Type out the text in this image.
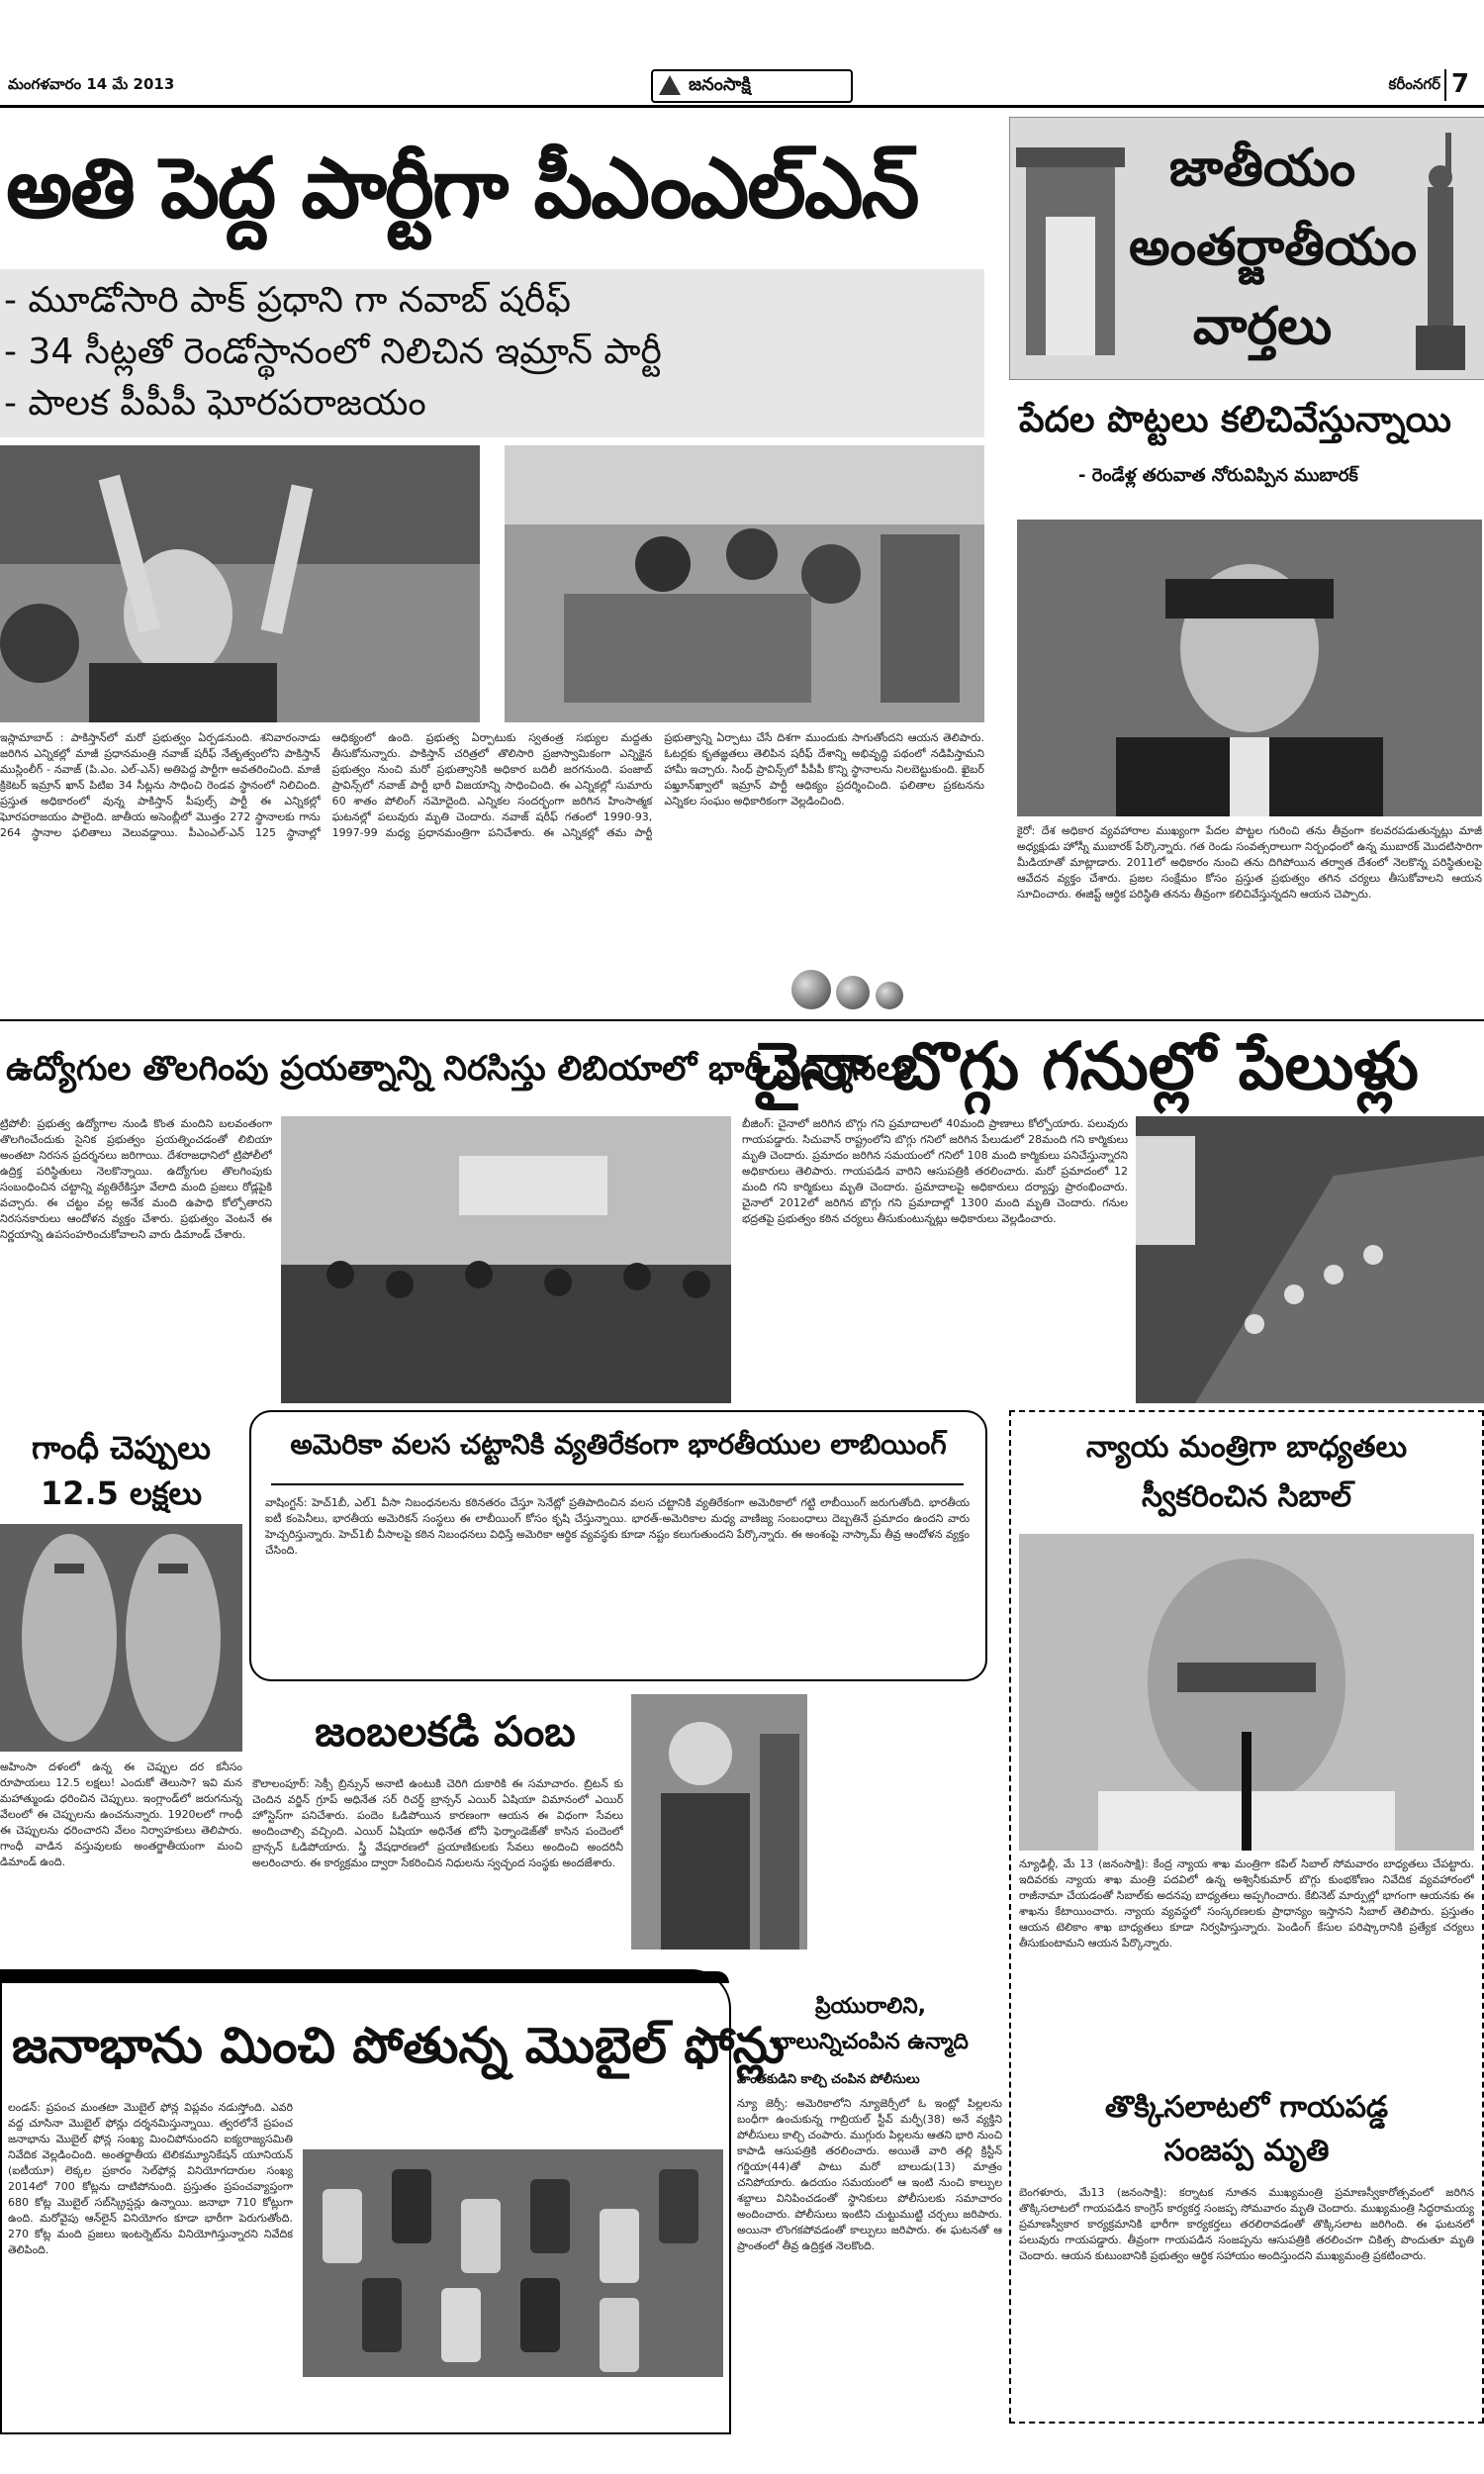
మంగళవారం 14 మే 2013	జనంసాక్షి	కరీంనగర్ 7
అతి పెద్ద పార్టీగా పీఎంఎల్ఎన్
- మూడోసారి పాక్ ప్రధాని గా నవాబ్ షరీఫ్
- 34 సీట్లతో రెండోస్థానంలో నిలిచిన ఇమ్రాన్ పార్టీ
- పాలక పీపీపీ ఘోరపరాజయం
ఇస్లామాబాద్ : పాకిస్తాన్‌లో మరో ప్రభుత్వం ఏర్పడనుంది. శనివారంనాడు జరిగిన ఎన్నికల్లో మాజీ ప్రధానమంత్రి నవాజ్ షరీఫ్ నేతృత్వంలోని పాకిస్తాన్ ముస్లింలీగ్ - నవాజ్ (పి.ఎం. ఎల్-ఎన్) అతిపెద్ద పార్టీగా అవతరించింది. మాజీ క్రికెటర్ ఇమ్రాన్ ఖాన్ పిటిఐ 34 సీట్లను సాధించి రెండవ స్థానంలో నిలిచింది. ప్రస్తుత అధికారంలో వున్న పాకిస్తాన్ పీపుల్స్ పార్టీ ఈ ఎన్నికల్లో ఘోరపరాజయం పాలైంది. జాతీయ అసెంబ్లీలో మొత్తం 272 స్థానాలకు గాను 264 స్థానాల ఫలితాలు వెలువడ్డాయి. పీఎంఎల్-ఎన్ 125 స్థానాల్లో ఆధిక్యంలో ఉంది. ప్రభుత్వ ఏర్పాటుకు స్వతంత్ర సభ్యుల మద్దతు తీసుకోనున్నారు. పాకిస్తాన్ చరిత్రలో తొలిసారి ప్రజాస్వామికంగా ఎన్నికైన ప్రభుత్వం నుంచి మరో ప్రభుత్వానికి అధికార బదిలీ జరగనుంది. పంజాబ్ ప్రావిన్స్‌లో నవాజ్ పార్టీ భారీ విజయాన్ని సాధించింది. ఈ ఎన్నికల్లో సుమారు 60 శాతం పోలింగ్ నమోదైంది. ఎన్నికల సందర్భంగా జరిగిన హింసాత్మక ఘటనల్లో పలువురు మృతి చెందారు. నవాజ్ షరీఫ్ గతంలో 1990-93, 1997-99 మధ్య ప్రధానమంత్రిగా పనిచేశారు. ఈ ఎన్నికల్లో తమ పార్టీ ప్రభుత్వాన్ని ఏర్పాటు చేసే దిశగా ముందుకు సాగుతోందని ఆయన తెలిపారు. ఓటర్లకు కృతజ్ఞతలు తెలిపిన షరీఫ్ దేశాన్ని అభివృద్ధి పథంలో నడిపిస్తామని హామీ ఇచ్చారు. సింధ్ ప్రావిన్స్‌లో పీపీపీ కొన్ని స్థానాలను నిలబెట్టుకుంది. ఖైబర్ పఖ్తూన్‌ఖ్వాలో ఇమ్రాన్ పార్టీ ఆధిక్యం ప్రదర్శించింది. ఫలితాల ప్రకటనను ఎన్నికల సంఘం అధికారికంగా వెల్లడించింది.
జాతీయం
అంతర్జాతీయం
వార్తలు
పేదల పొట్టలు కలిచివేస్తున్నాయి
- రెండేళ్ల తరువాత నోరువిప్పిన ముబారక్
కైరో: దేశ అధికార వ్యవహారాల ముఖ్యంగా పేదల పొట్టల గురించి తను తీవ్రంగా కలవరపడుతున్నట్లు మాజీ అధ్యక్షుడు హోస్నీ ముబారక్ పేర్కొన్నారు. గత రెండు సంవత్సరాలుగా నిర్బంధంలో ఉన్న ముబారక్ మొదటిసారిగా మీడియాతో మాట్లాడారు. 2011లో అధికారం నుంచి తను దిగిపోయిన తర్వాత దేశంలో నెలకొన్న పరిస్థితులపై ఆవేదన వ్యక్తం చేశారు. ప్రజల సంక్షేమం కోసం ప్రస్తుత ప్రభుత్వం తగిన చర్యలు తీసుకోవాలని ఆయన సూచించారు. ఈజిప్ట్ ఆర్థిక పరిస్థితి తనను తీవ్రంగా కలిచివేస్తున్నదని ఆయన చెప్పారు.
ఉద్యోగుల తొలగింపు ప్రయత్నాన్ని నిరసిస్తు లిబియాలో భారీ ప్రదర్శనలు
ట్రిపోలీ: ప్రభుత్వ ఉద్యోగాల నుండి కొంత మందిని బలవంతంగా తొలగించేందుకు సైనిక ప్రభుత్వం ప్రయత్నించడంతో లిబియా అంతటా నిరసన ప్రదర్శనలు జరిగాయి. దేశరాజధానిలో ట్రిపోలీలో ఉద్రిక్త పరిస్థితులు నెలకొన్నాయి. ఉద్యోగుల తొలగింపుకు సంబంధించిన చట్టాన్ని వ్యతిరేకిస్తూ వేలాది మంది ప్రజలు రోడ్లపైకి వచ్చారు. ఈ చట్టం వల్ల అనేక మంది ఉపాధి కోల్పోతారని నిరసనకారులు ఆందోళన వ్యక్తం చేశారు. ప్రభుత్వం వెంటనే ఈ నిర్ణయాన్ని ఉపసంహరించుకోవాలని వారు డిమాండ్ చేశారు.
చైనా బొగ్గు గనుల్లో పేలుళ్లు
బీజింగ్: చైనాలో జరిగిన బొగ్గు గని ప్రమాదాలలో 40మంది ప్రాణాలు కోల్పోయారు. పలువురు గాయపడ్డారు. సిచువాన్ రాష్ట్రంలోని బొగ్గు గనిలో జరిగిన పేలుడులో 28మంది గని కార్మికులు మృతి చెందారు. ప్రమాదం జరిగిన సమయంలో గనిలో 108 మంది కార్మికులు పనిచేస్తున్నారని అధికారులు తెలిపారు. గాయపడిన వారిని ఆసుపత్రికి తరలించారు. మరో ప్రమాదంలో 12 మంది గని కార్మికులు మృతి చెందారు. ప్రమాదాలపై అధికారులు దర్యాప్తు ప్రారంభించారు. చైనాలో 2012లో జరిగిన బొగ్గు గని ప్రమాదాల్లో 1300 మంది మృతి చెందారు. గనుల భద్రతపై ప్రభుత్వం కఠిన చర్యలు తీసుకుంటున్నట్లు అధికారులు వెల్లడించారు.
గాంధీ చెప్పులు
12.5 లక్షలు
అహింసా దళంలో ఉన్న ఈ చెప్పుల దర కనీసం రూపాయలు 12.5 లక్షలు! ఎందుకో తెలుసా? ఇవి మన మహాత్ముండు ధరించిన చెప్పులు. ఇంగ్లాండ్‌లో జరుగనున్న వేలంలో ఈ చెప్పులను ఉంచనున్నారు. 1920లలో గాంధీ ఈ చెప్పులను ధరించారని వేలం నిర్వాహకులు తెలిపారు. గాంధీ వాడిన వస్తువులకు అంతర్జాతీయంగా మంచి డిమాండ్ ఉంది.
అమెరికా వలస చట్టానికి వ్యతిరేకంగా భారతీయుల లాబియింగ్
వాషింగ్టన్: హెచ్1బీ, ఎల్1 వీసా నిబంధనలను కఠినతరం చేస్తూ సెనేట్లో ప్రతిపాదించిన వలస చట్టానికి వ్యతిరేకంగా అమెరికాలో గట్టి లాబీయింగ్ జరుగుతోంది. భారతీయ ఐటీ కంపెనీలు, భారతీయ అమెరికన్ సంస్థలు ఈ లాబీయింగ్ కోసం కృషి చేస్తున్నాయి. భారత్-అమెరికాల మధ్య వాణిజ్య సంబంధాలు దెబ్బతినే ప్రమాదం ఉందని వారు హెచ్చరిస్తున్నారు. హెచ్1బీ వీసాలపై కఠిన నిబంధనలు విధిస్తే అమెరికా ఆర్థిక వ్యవస్థకు కూడా నష్టం కలుగుతుందని పేర్కొన్నారు. ఈ అంశంపై నాస్కామ్ తీవ్ర ఆందోళన వ్యక్తం చేసింది.
జంబలకడి పంబ
కౌలాలంపూర్: సెక్సీ బ్రిన్సున్ అనాటి ఉంటుకి చెరిగి దుకారికి ఈ సమాచారం. బ్రిటన్ కు చెందిన వర్జిన్ గ్రూప్ అధినేత సర్ రిచర్డ్ బ్రాన్సన్ ఎయిర్ ఏషియా విమానంలో ఎయిర్ హోస్టెస్‌గా పనిచేశారు. పందెం ఓడిపోయిన కారణంగా ఆయన ఈ విధంగా సేవలు అందించాల్సి వచ్చింది. ఎయిర్ ఏషియా అధినేత టోనీ ఫెర్నాండెజ్‌తో కాసిన పందెంలో బ్రాన్సన్ ఓడిపోయారు. స్త్రీ వేషధారణలో ప్రయాణికులకు సేవలు అందించి అందరినీ అలరించారు. ఈ కార్యక్రమం ద్వారా సేకరించిన నిధులను స్వచ్ఛంద సంస్థకు అందజేశారు.
న్యాయ మంత్రిగా బాధ్యతలు
స్వీకరించిన సిబాల్
న్యూఢిల్లీ, మే 13 (జనంసాక్షి): కేంద్ర న్యాయ శాఖ మంత్రిగా కపిల్ సిబాల్ సోమవారం బాధ్యతలు చేపట్టారు. ఇదివరకు న్యాయ శాఖ మంత్రి పదవిలో ఉన్న అశ్వినీకుమార్ బొగ్గు కుంభకోణం నివేదిక వ్యవహారంలో రాజీనామా చేయడంతో సిబాల్‌కు అదనపు బాధ్యతలు అప్పగించారు. కేబినెట్ మార్పుల్లో భాగంగా ఆయనకు ఈ శాఖను కేటాయించారు. న్యాయ వ్యవస్థలో సంస్కరణలకు ప్రాధాన్యం ఇస్తానని సిబాల్ తెలిపారు. ప్రస్తుతం ఆయన టెలికాం శాఖ బాధ్యతలు కూడా నిర్వహిస్తున్నారు. పెండింగ్ కేసుల పరిష్కారానికి ప్రత్యేక చర్యలు తీసుకుంటామని ఆయన పేర్కొన్నారు.
తొక్కిసలాటలో గాయపడ్డ
సంజప్ప మృతి
బెంగళూరు, మే13 (జనంసాక్షి): కర్నాటక నూతన ముఖ్యమంత్రి ప్రమాణస్వీకారోత్సవంలో జరిగిన తొక్కిసలాటలో గాయపడిన కాంగ్రెస్ కార్యకర్త సంజప్ప సోమవారం మృతి చెందారు. ముఖ్యమంత్రి సిద్ధరామయ్య ప్రమాణస్వీకార కార్యక్రమానికి భారీగా కార్యకర్తలు తరలిరావడంతో తొక్కిసలాట జరిగింది. ఈ ఘటనలో పలువురు గాయపడ్డారు. తీవ్రంగా గాయపడిన సంజప్పను ఆసుపత్రికి తరలించగా చికిత్స పొందుతూ మృతి చెందారు. ఆయన కుటుంబానికి ప్రభుత్వం ఆర్థిక సహాయం అందిస్తుందని ముఖ్యమంత్రి ప్రకటించారు.
జనాభాను మించి పోతున్న మొబైల్ ఫోన్లు
లండన్: ప్రపంచ మంతటా మొబైల్ ఫోన్ల విప్లవం నడుస్తోంది. ఎవరి వద్ద చూసినా మొబైల్ ఫోన్లు దర్శనమిస్తున్నాయి. త్వరలోనే ప్రపంచ జనాభాను మొబైల్ ఫోన్ల సంఖ్య మించిపోనుందని ఐక్యరాజ్యసమితి నివేదిక వెల్లడించింది. అంతర్జాతీయ టెలికమ్యూనికేషన్ యూనియన్ (ఐటీయూ) లెక్కల ప్రకారం సెల్‌ఫోన్ల వినియోగదారుల సంఖ్య 2014లో 700 కోట్లను దాటిపోనుంది. ప్రస్తుతం ప్రపంచవ్యాప్తంగా 680 కోట్ల మొబైల్ సబ్‌స్క్రిప్షన్లు ఉన్నాయి. జనాభా 710 కోట్లుగా ఉంది. మరోవైపు ఆన్‌లైన్ వినియోగం కూడా భారీగా పెరుగుతోంది. 270 కోట్ల మంది ప్రజలు ఇంటర్నెట్‌ను వినియోగిస్తున్నారని నివేదిక తెలిపింది.
ప్రియురాలిని,
బాలున్నిచంపిన ఉన్మాది
హంతకుడిని కాల్చి చంపిన పోలీసులు
న్యూ జెర్సీ: అమెరికాలోని న్యూజెర్సీలో ఓ ఇంట్లో పిల్లలను బంధీగా ఉంచుకున్న గాబ్రియల్ స్టీవ్ మర్ఫీ(38) అనే వ్యక్తిని పోలీసులు కాల్చి చంపారు. ముగ్గురు పిల్లలను ఆతని భారి నుంచి కాపాడి ఆసుపత్రికి తరలించారు. అయితే వారి తల్లి క్రిస్టీన్ గర్జియా(44)తో పాటు మరో బాలుడు(13) మాత్రం చనిపోయారు. ఉదయం సమయంలో ఆ ఇంటి నుంచి కాల్పుల శబ్దాలు వినిపించడంతో స్థానికులు పోలీసులకు సమాచారం అందించారు. పోలీసులు ఇంటిని చుట్టుముట్టి చర్చలు జరిపారు. అయినా లొంగకపోవడంతో కాల్పులు జరిపారు. ఈ ఘటనతో ఆ ప్రాంతంలో తీవ్ర ఉద్రిక్తత నెలకొంది.
